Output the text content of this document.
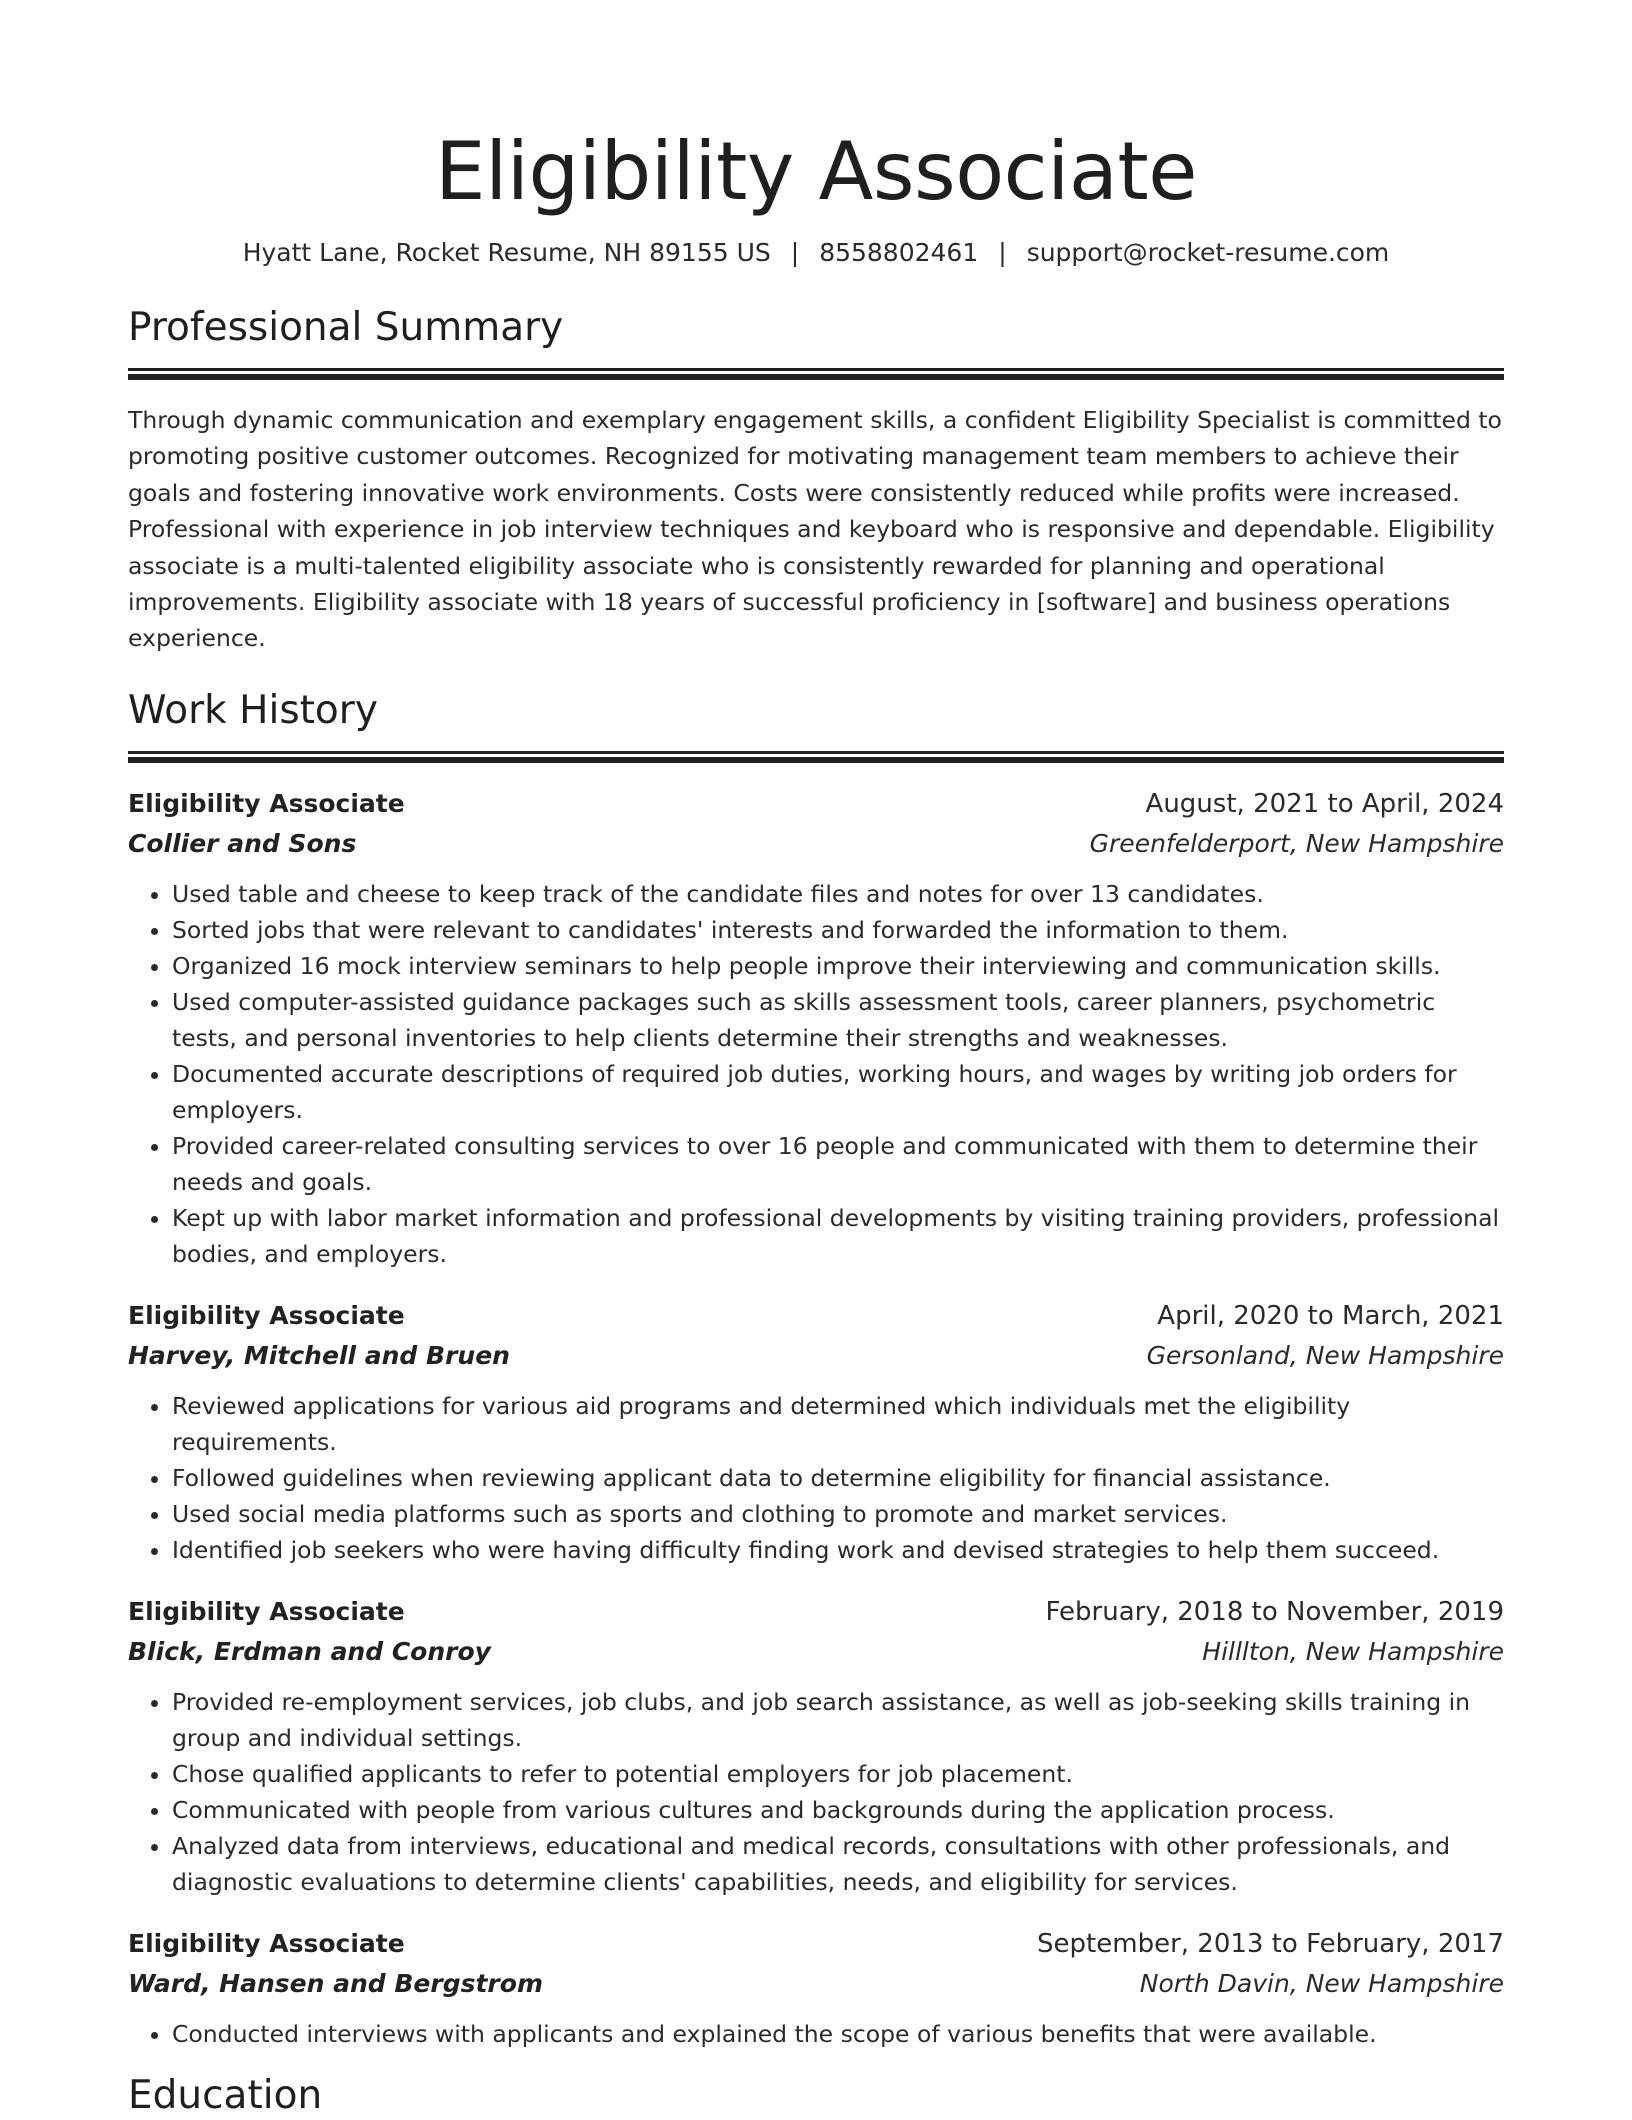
Eligibility Associate
Hyatt Lane, Rocket Resume, NH 89155 US | 8558802461 | support@rocket-resume.com
Professional Summary
Through dynamic communication and exemplary engagement skills, a confident Eligibility Specialist is committed to promoting positive customer outcomes. Recognized for motivating management team members to achieve their goals and fostering innovative work environments. Costs were consistently reduced while profits were increased. Professional with experience in job interview techniques and keyboard who is responsive and dependable. Eligibility associate is a multi-talented eligibility associate who is consistently rewarded for planning and operational improvements. Eligibility associate with 18 years of successful proficiency in [software] and business operations experience.
Work History
Eligibility Associate	August, 2021 to April, 2024
Collier and Sons	Greenfelderport, New Hampshire
• Used table and cheese to keep track of the candidate files and notes for over 13 candidates.
• Sorted jobs that were relevant to candidates' interests and forwarded the information to them.
• Organized 16 mock interview seminars to help people improve their interviewing and communication skills.
• Used computer-assisted guidance packages such as skills assessment tools, career planners, psychometric tests, and personal inventories to help clients determine their strengths and weaknesses.
• Documented accurate descriptions of required job duties, working hours, and wages by writing job orders for employers.
• Provided career-related consulting services to over 16 people and communicated with them to determine their needs and goals.
• Kept up with labor market information and professional developments by visiting training providers, professional bodies, and employers.
Eligibility Associate	April, 2020 to March, 2021
Harvey, Mitchell and Bruen	Gersonland, New Hampshire
• Reviewed applications for various aid programs and determined which individuals met the eligibility requirements.
• Followed guidelines when reviewing applicant data to determine eligibility for financial assistance.
• Used social media platforms such as sports and clothing to promote and market services.
• Identified job seekers who were having difficulty finding work and devised strategies to help them succeed.
Eligibility Associate	February, 2018 to November, 2019
Blick, Erdman and Conroy	Hilllton, New Hampshire
• Provided re-employment services, job clubs, and job search assistance, as well as job-seeking skills training in group and individual settings.
• Chose qualified applicants to refer to potential employers for job placement.
• Communicated with people from various cultures and backgrounds during the application process.
• Analyzed data from interviews, educational and medical records, consultations with other professionals, and diagnostic evaluations to determine clients' capabilities, needs, and eligibility for services.
Eligibility Associate	September, 2013 to February, 2017
Ward, Hansen and Bergstrom	North Davin, New Hampshire
• Conducted interviews with applicants and explained the scope of various benefits that were available.
Education
